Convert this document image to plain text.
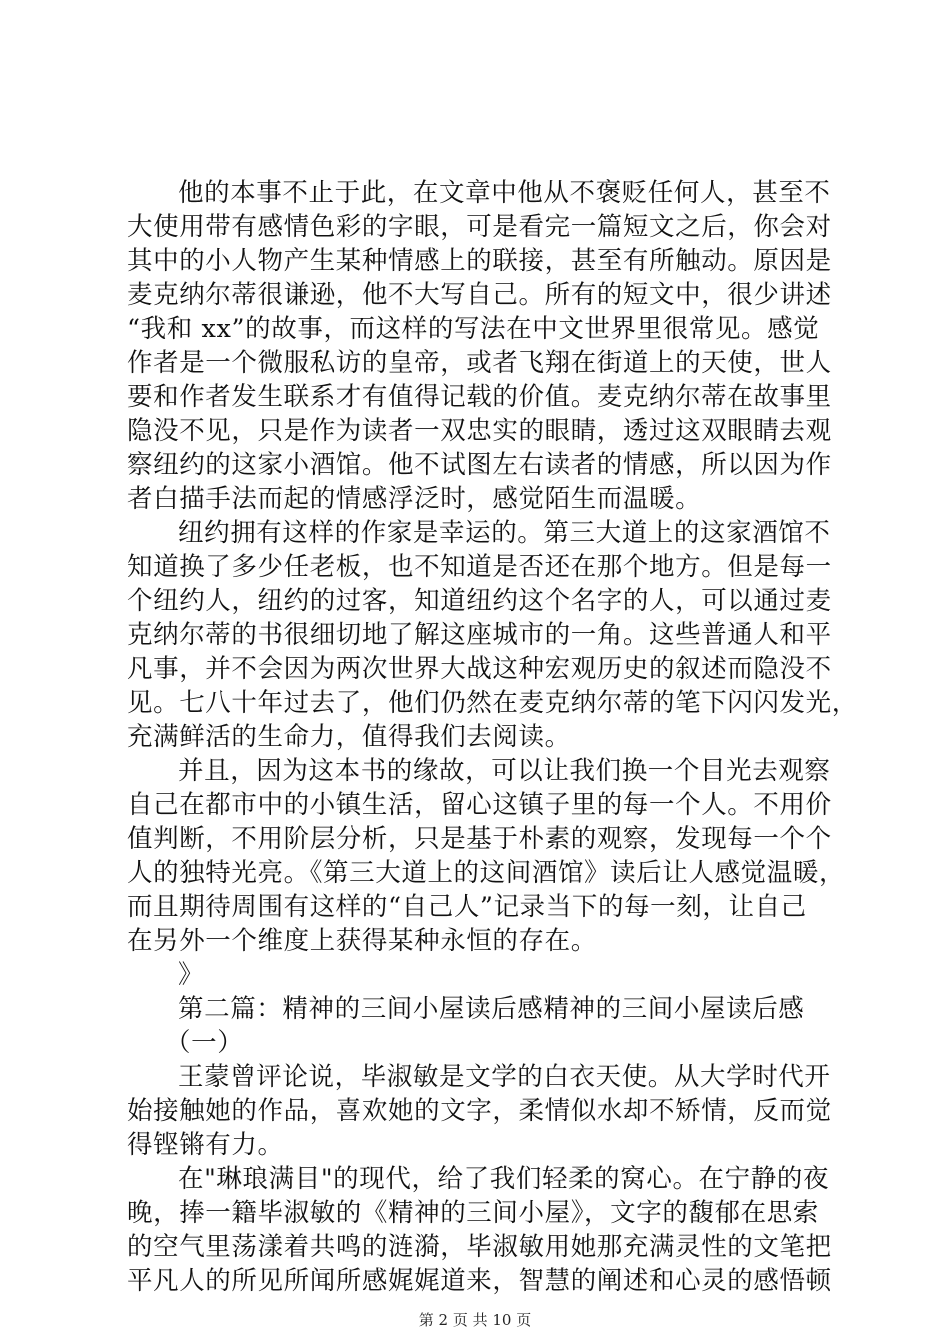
他的本事不止于此，在文章中他从不褒贬任何人，甚至不
大使用带有感情色彩的字眼，可是看完一篇短文之后，你会对
其中的小人物产生某种情感上的联接，甚至有所触动。原因是
麦克纳尔蒂很谦逊，他不大写自己。所有的短文中，很少讲述
“我和 xx”的故事，而这样的写法在中文世界里很常见。感觉
作者是一个微服私访的皇帝，或者飞翔在街道上的天使，世人
要和作者发生联系才有值得记载的价值。麦克纳尔蒂在故事里
隐没不见，只是作为读者一双忠实的眼睛，透过这双眼睛去观
察纽约的这家小酒馆。他不试图左右读者的情感，所以因为作
者白描手法而起的情感浮泛时，感觉陌生而温暖。
纽约拥有这样的作家是幸运的。第三大道上的这家酒馆不
知道换了多少任老板，也不知道是否还在那个地方。但是每一
个纽约人，纽约的过客，知道纽约这个名字的人，可以通过麦
克纳尔蒂的书很细切地了解这座城市的一角。这些普通人和平
凡事，并不会因为两次世界大战这种宏观历史的叙述而隐没不
见。七八十年过去了，他们仍然在麦克纳尔蒂的笔下闪闪发光，
充满鲜活的生命力，值得我们去阅读。
并且，因为这本书的缘故，可以让我们换一个目光去观察
自己在都市中的小镇生活，留心这镇子里的每一个人。不用价
值判断，不用阶层分析，只是基于朴素的观察，发现每一个个
人的独特光亮。《第三大道上的这间酒馆》读后让人感觉温暖，
而且期待周围有这样的“自己人”记录当下的每一刻，让自己
在另外一个维度上获得某种永恒的存在。
》
第二篇：精神的三间小屋读后感精神的三间小屋读后感
（一）
王蒙曾评论说，毕淑敏是文学的白衣天使。从大学时代开
始接触她的作品，喜欢她的文字，柔情似水却不矫情，反而觉
得铿锵有力。
在"琳琅满目"的现代，给了我们轻柔的窝心。在宁静的夜
晚，捧一籍毕淑敏的《精神的三间小屋》，文字的馥郁在思索
的空气里荡漾着共鸣的涟漪，毕淑敏用她那充满灵性的文笔把
平凡人的所见所闻所感娓娓道来，智慧的阐述和心灵的感悟顿
第 2 页 共 10 页
